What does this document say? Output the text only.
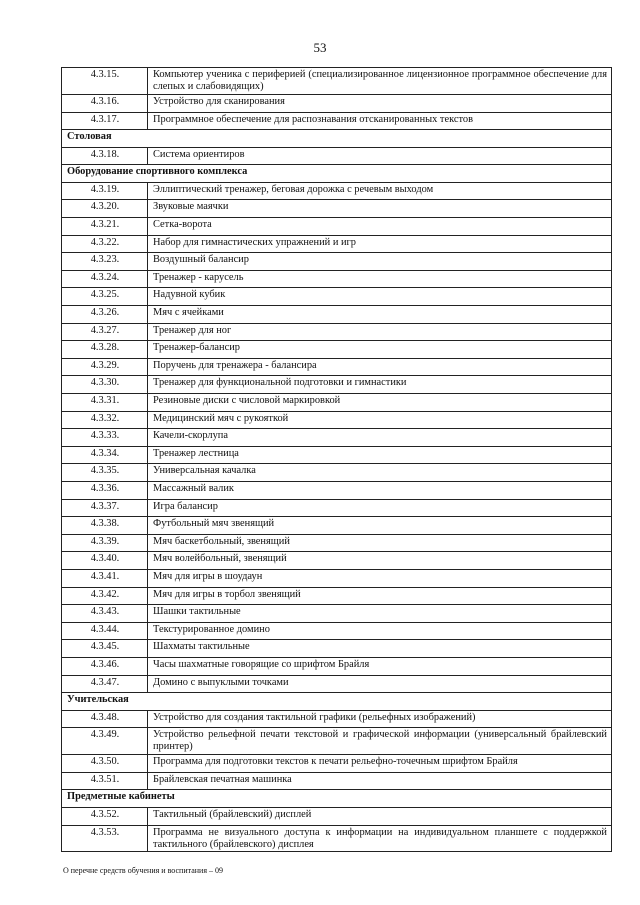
53
4.3.15.	Компьютер ученика с периферией (специализированное лицензионное программное обеспечение для слепых и слабовидящих)
4.3.16.	Устройство для сканирования
4.3.17.	Программное обеспечение для распознавания отсканированных текстов
Столовая	
4.3.18.	Система ориентиров
Оборудование спортивного комплекса	
4.3.19.	Эллиптический тренажер, беговая дорожка с речевым выходом
4.3.20.	Звуковые маячки
4.3.21.	Сетка-ворота
4.3.22.	Набор для гимнастических упражнений и игр
4.3.23.	Воздушный балансир
4.3.24.	Тренажер - карусель
4.3.25.	Надувной кубик
4.3.26.	Мяч с ячейками
4.3.27.	Тренажер для ног
4.3.28.	Тренажер-балансир
4.3.29.	Поручень для тренажера - балансира
4.3.30.	Тренажер для функциональной подготовки и гимнастики
4.3.31.	Резиновые диски с числовой маркировкой
4.3.32.	Медицинский мяч с рукояткой
4.3.33.	Качели-скорлупа
4.3.34.	Тренажер лестница
4.3.35.	Универсальная качалка
4.3.36.	Массажный валик
4.3.37.	Игра балансир
4.3.38.	Футбольный мяч звенящий
4.3.39.	Мяч баскетбольный, звенящий
4.3.40.	Мяч волейбольный, звенящий
4.3.41.	Мяч для игры в шоудаун
4.3.42.	Мяч для игры в торбол звенящий
4.3.43.	Шашки тактильные
4.3.44.	Текстурированное домино
4.3.45.	Шахматы тактильные
4.3.46.	Часы шахматные говорящие со шрифтом Брайля
4.3.47.	Домино с выпуклыми точками
Учительская	
4.3.48.	Устройство для создания тактильной графики (рельефных изображений)
4.3.49.	Устройство рельефной печати текстовой и графической информации (универсальный брайлевский принтер)
4.3.50.	Программа для подготовки текстов к печати рельефно-точечным шрифтом Брайля
4.3.51.	Брайлевская печатная машинка
Предметные кабинеты	
4.3.52.	Тактильный (брайлевский) дисплей
4.3.53.	Программа не визуального доступа к информации на индивидуальном планшете с поддержкой тактильного (брайлевского) дисплея
О перечне средств обучения и воспитания – 09
